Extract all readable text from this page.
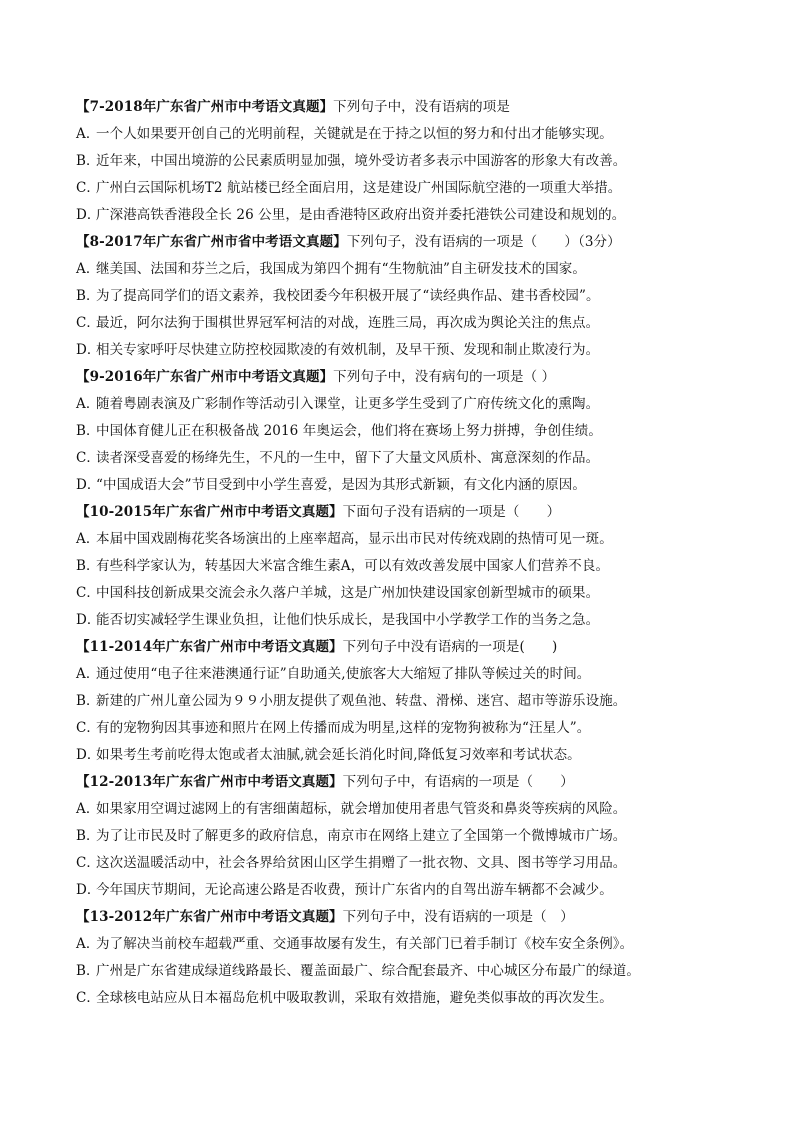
【7-2018年广东省广州市中考语文真题】下列句子中，没有语病的项是
A．一个人如果要开创自己的光明前程，关键就是在于持之以恒的努力和付出才能够实现。
B．近年来，中国出境游的公民素质明显加强，境外受访者多表示中国游客的形象大有改善。
C．广州白云国际机场T2 航站楼已经全面启用，这是建设广州国际航空港的一项重大举措。
D．广深港高铁香港段全长 26 公里，是由香港特区政府出资并委托港铁公司建设和规划的。
【8-2017年广东省广州市省中考语文真题】下列句子，没有语病的一项是（　　）（3分）
A．继美国、法国和芬兰之后，我国成为第四个拥有“生物航油”自主研发技术的国家。
B．为了提高同学们的语文素养，我校团委今年积极开展了“读经典作品、建书香校园”。
C．最近，阿尔法狗于围棋世界冠军柯洁的对战，连胜三局，再次成为舆论关注的焦点。
D．相关专家呼吁尽快建立防控校园欺凌的有效机制，及早干预、发现和制止欺凌行为。
【9-2016年广东省广州市中考语文真题】下列句子中，没有病句的一项是（ ）
A．随着粤剧表演及广彩制作等活动引入课堂，让更多学生受到了广府传统文化的熏陶。
B．中国体育健儿正在积极备战 2016 年奥运会，他们将在赛场上努力拼搏，争创佳绩。
C．读者深受喜爱的杨绛先生，不凡的一生中，留下了大量文风质朴、寓意深刻的作品。
D．“中国成语大会”节目受到中小学生喜爱，是因为其形式新颖，有文化内涵的原因。
【10-2015年广东省广州市中考语文真题】下面句子没有语病的一项是（　　）
A．本届中国戏剧梅花奖各场演出的上座率超高，显示出市民对传统戏剧的热情可见一斑。
B．有些科学家认为，转基因大米富含维生素A，可以有效改善发展中国家人们营养不良。
C．中国科技创新成果交流会永久落户羊城，这是广州加快建设国家创新型城市的硕果。
D．能否切实减轻学生课业负担，让他们快乐成长，是我国中小学教学工作的当务之急。
【11-2014年广东省广州市中考语文真题】下列句子中没有语病的一项是(　　)
A．通过使用“电子往来港澳通行证”自助通关,使旅客大大缩短了排队等候过关的时间。
B．新建的广州儿童公园为９９小朋友提供了观鱼池、转盘、滑梯、迷宫、超市等游乐设施。
C．有的宠物狗因其事迹和照片在网上传播而成为明星,这样的宠物狗被称为“汪星人”。
D．如果考生考前吃得太饱或者太油腻,就会延长消化时间,降低复习效率和考试状态。
【12-2013年广东省广州市中考语文真题】下列句子中，有语病的一项是（　　）
A．如果家用空调过滤网上的有害细菌超标，就会增加使用者患气管炎和鼻炎等疾病的风险。
B．为了让市民及时了解更多的政府信息，南京市在网络上建立了全国第一个微博城市广场。
C．这次送温暖活动中，社会各界给贫困山区学生捐赠了一批衣物、文具、图书等学习用品。
D．今年国庆节期间，无论高速公路是否收费，预计广东省内的自驾出游车辆都不会减少。
【13-2012年广东省广州市中考语文真题】下列句子中，没有语病的一项是（　）
A．为了解决当前校车超载严重、交通事故屡有发生，有关部门已着手制订《校车安全条例》。
B．广州是广东省建成绿道线路最长、覆盖面最广、综合配套最齐、中心城区分布最广的绿道。
C．全球核电站应从日本福岛危机中吸取教训，采取有效措施，避免类似事故的再次发生。
